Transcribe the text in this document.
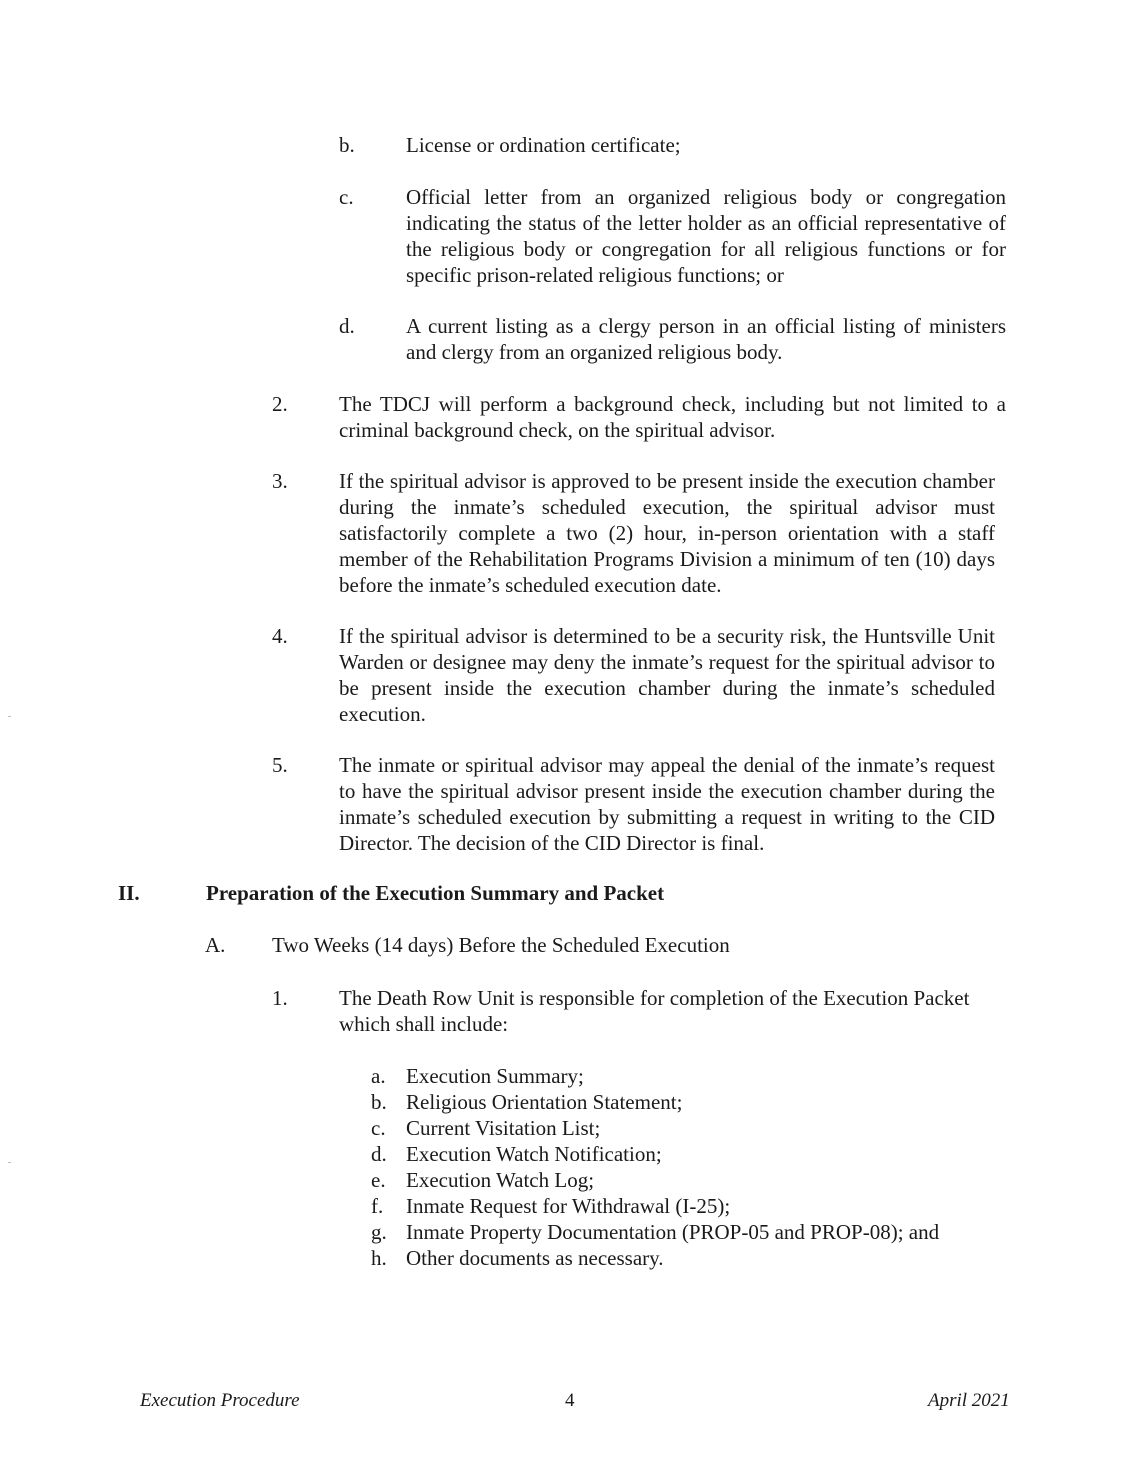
b. License or ordination certificate;
c. Official letter from an organized religious body or congregation indicating the status of the letter holder as an official representative of the religious body or congregation for all religious functions or for specific prison-related religious functions; or
d. A current listing as a clergy person in an official listing of ministers and clergy from an organized religious body.
2. The TDCJ will perform a background check, including but not limited to a criminal background check, on the spiritual advisor.
3. If the spiritual advisor is approved to be present inside the execution chamber during the inmate’s scheduled execution, the spiritual advisor must satisfactorily complete a two (2) hour, in-person orientation with a staff member of the Rehabilitation Programs Division a minimum of ten (10) days before the inmate’s scheduled execution date.
4. If the spiritual advisor is determined to be a security risk, the Huntsville Unit Warden or designee may deny the inmate’s request for the spiritual advisor to be present inside the execution chamber during the inmate’s scheduled execution.
5. The inmate or spiritual advisor may appeal the denial of the inmate’s request to have the spiritual advisor present inside the execution chamber during the inmate’s scheduled execution by submitting a request in writing to the CID Director. The decision of the CID Director is final.
II.	Preparation of the Execution Summary and Packet
A. Two Weeks (14 days) Before the Scheduled Execution
1. The Death Row Unit is responsible for completion of the Execution Packet which shall include:
a. Execution Summary;
b. Religious Orientation Statement;
c. Current Visitation List;
d. Execution Watch Notification;
e. Execution Watch Log;
f. Inmate Request for Withdrawal (I-25);
g. Inmate Property Documentation (PROP-05 and PROP-08); and
h. Other documents as necessary.
Execution Procedure	4	April 2021
